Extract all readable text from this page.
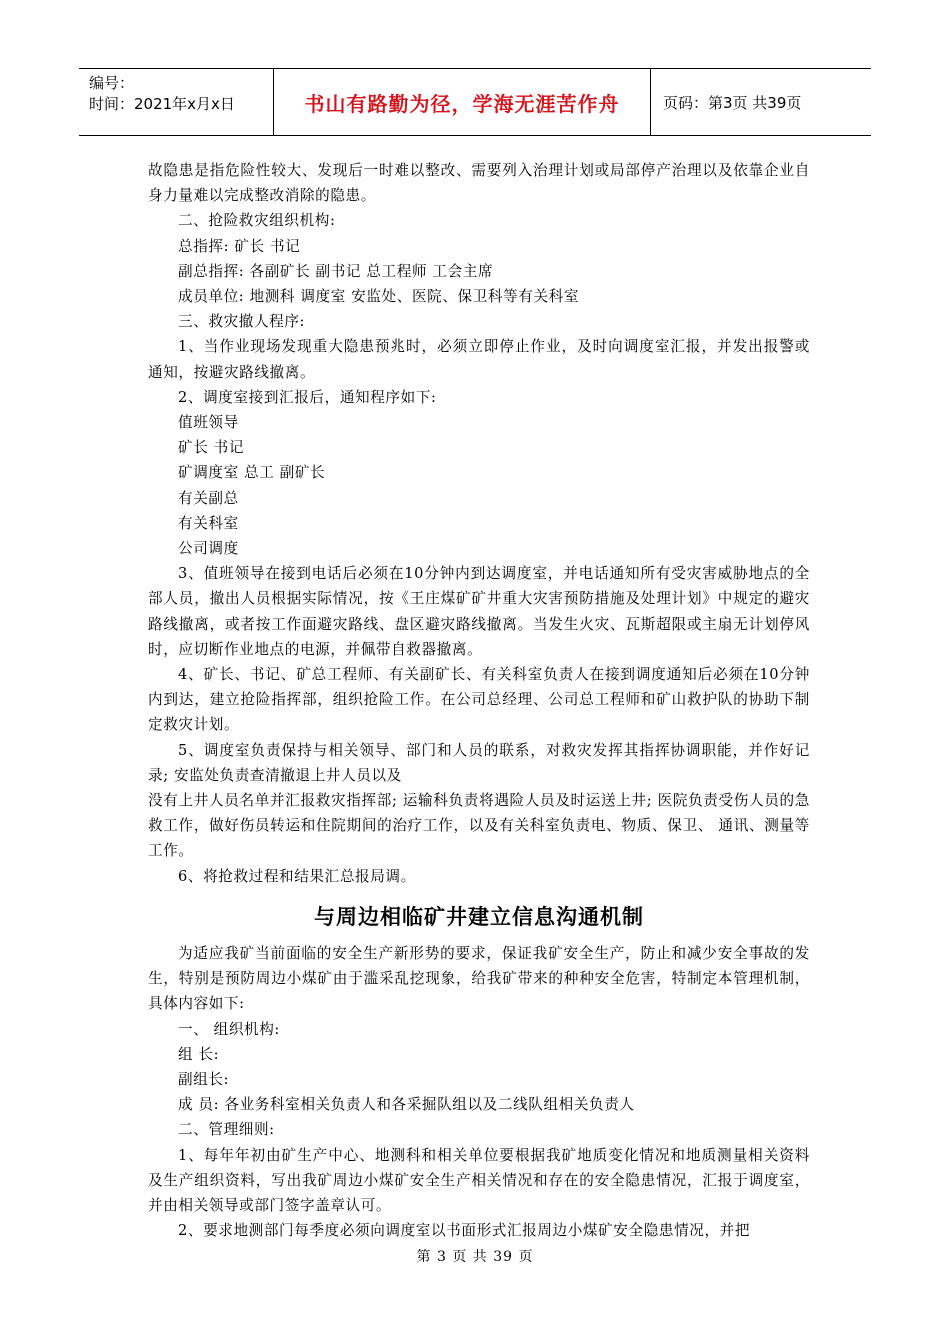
编号：
时间：2021年x月x日	书山有路勤为径，学海无涯苦作舟	页码：第3页 共39页

故隐患是指危险性较大、发现后一时难以整改、需要列入治理计划或局部停产治理以及依靠企业自身力量难以完成整改消除的隐患。

二、抢险救灾组织机构:

总指挥: 矿长 书记

副总指挥: 各副矿长 副书记 总工程师 工会主席

成员单位: 地测科 调度室 安监处、医院、保卫科等有关科室

三、救灾撤人程序:

1、当作业现场发现重大隐患预兆时，必须立即停止作业，及时向调度室汇报，并发出报警或通知，按避灾路线撤离。

2、调度室接到汇报后，通知程序如下:

值班领导

矿长 书记

矿调度室 总工 副矿长

有关副总

有关科室

公司调度

3、值班领导在接到电话后必须在10分钟内到达调度室，并电话通知所有受灾害威胁地点的全部人员，撤出人员根据实际情况，按《王庄煤矿矿井重大灾害预防措施及处理计划》中规定的避灾路线撤离，或者按工作面避灾路线、盘区避灾路线撤离。当发生火灾、瓦斯超限或主扇无计划停风时，应切断作业地点的电源，并佩带自救器撤离。

4、矿长、书记、矿总工程师、有关副矿长、有关科室负责人在接到调度通知后必须在10分钟内到达，建立抢险指挥部，组织抢险工作。在公司总经理、公司总工程师和矿山救护队的协助下制定救灾计划。

5、调度室负责保持与相关领导、部门和人员的联系，对救灾发挥其指挥协调职能，并作好记录; 安监处负责查清撤退上井人员以及

没有上井人员名单并汇报救灾指挥部; 运输科负责将遇险人员及时运送上井; 医院负责受伤人员的急救工作，做好伤员转运和住院期间的治疗工作，以及有关科室负责电、物质、保卫、 通讯、测量等工作。

6、将抢救过程和结果汇总报局调。

与周边相临矿井建立信息沟通机制

为适应我矿当前面临的安全生产新形势的要求，保证我矿安全生产，防止和减少安全事故的发生，特别是预防周边小煤矿由于滥采乱挖现象，给我矿带来的种种安全危害，特制定本管理机制，具体内容如下:

一、 组织机构:

组 长:

副组长:

成 员: 各业务科室相关负责人和各采掘队组以及二线队组相关负责人

二、管理细则:

1、每年年初由矿生产中心、地测科和相关单位要根据我矿地质变化情况和地质测量相关资料及生产组织资料，写出我矿周边小煤矿安全生产相关情况和存在的安全隐患情况，汇报于调度室，并由相关领导或部门签字盖章认可。

2、要求地测部门每季度必须向调度室以书面形式汇报周边小煤矿安全隐患情况，并把

第 3 页 共 39 页
